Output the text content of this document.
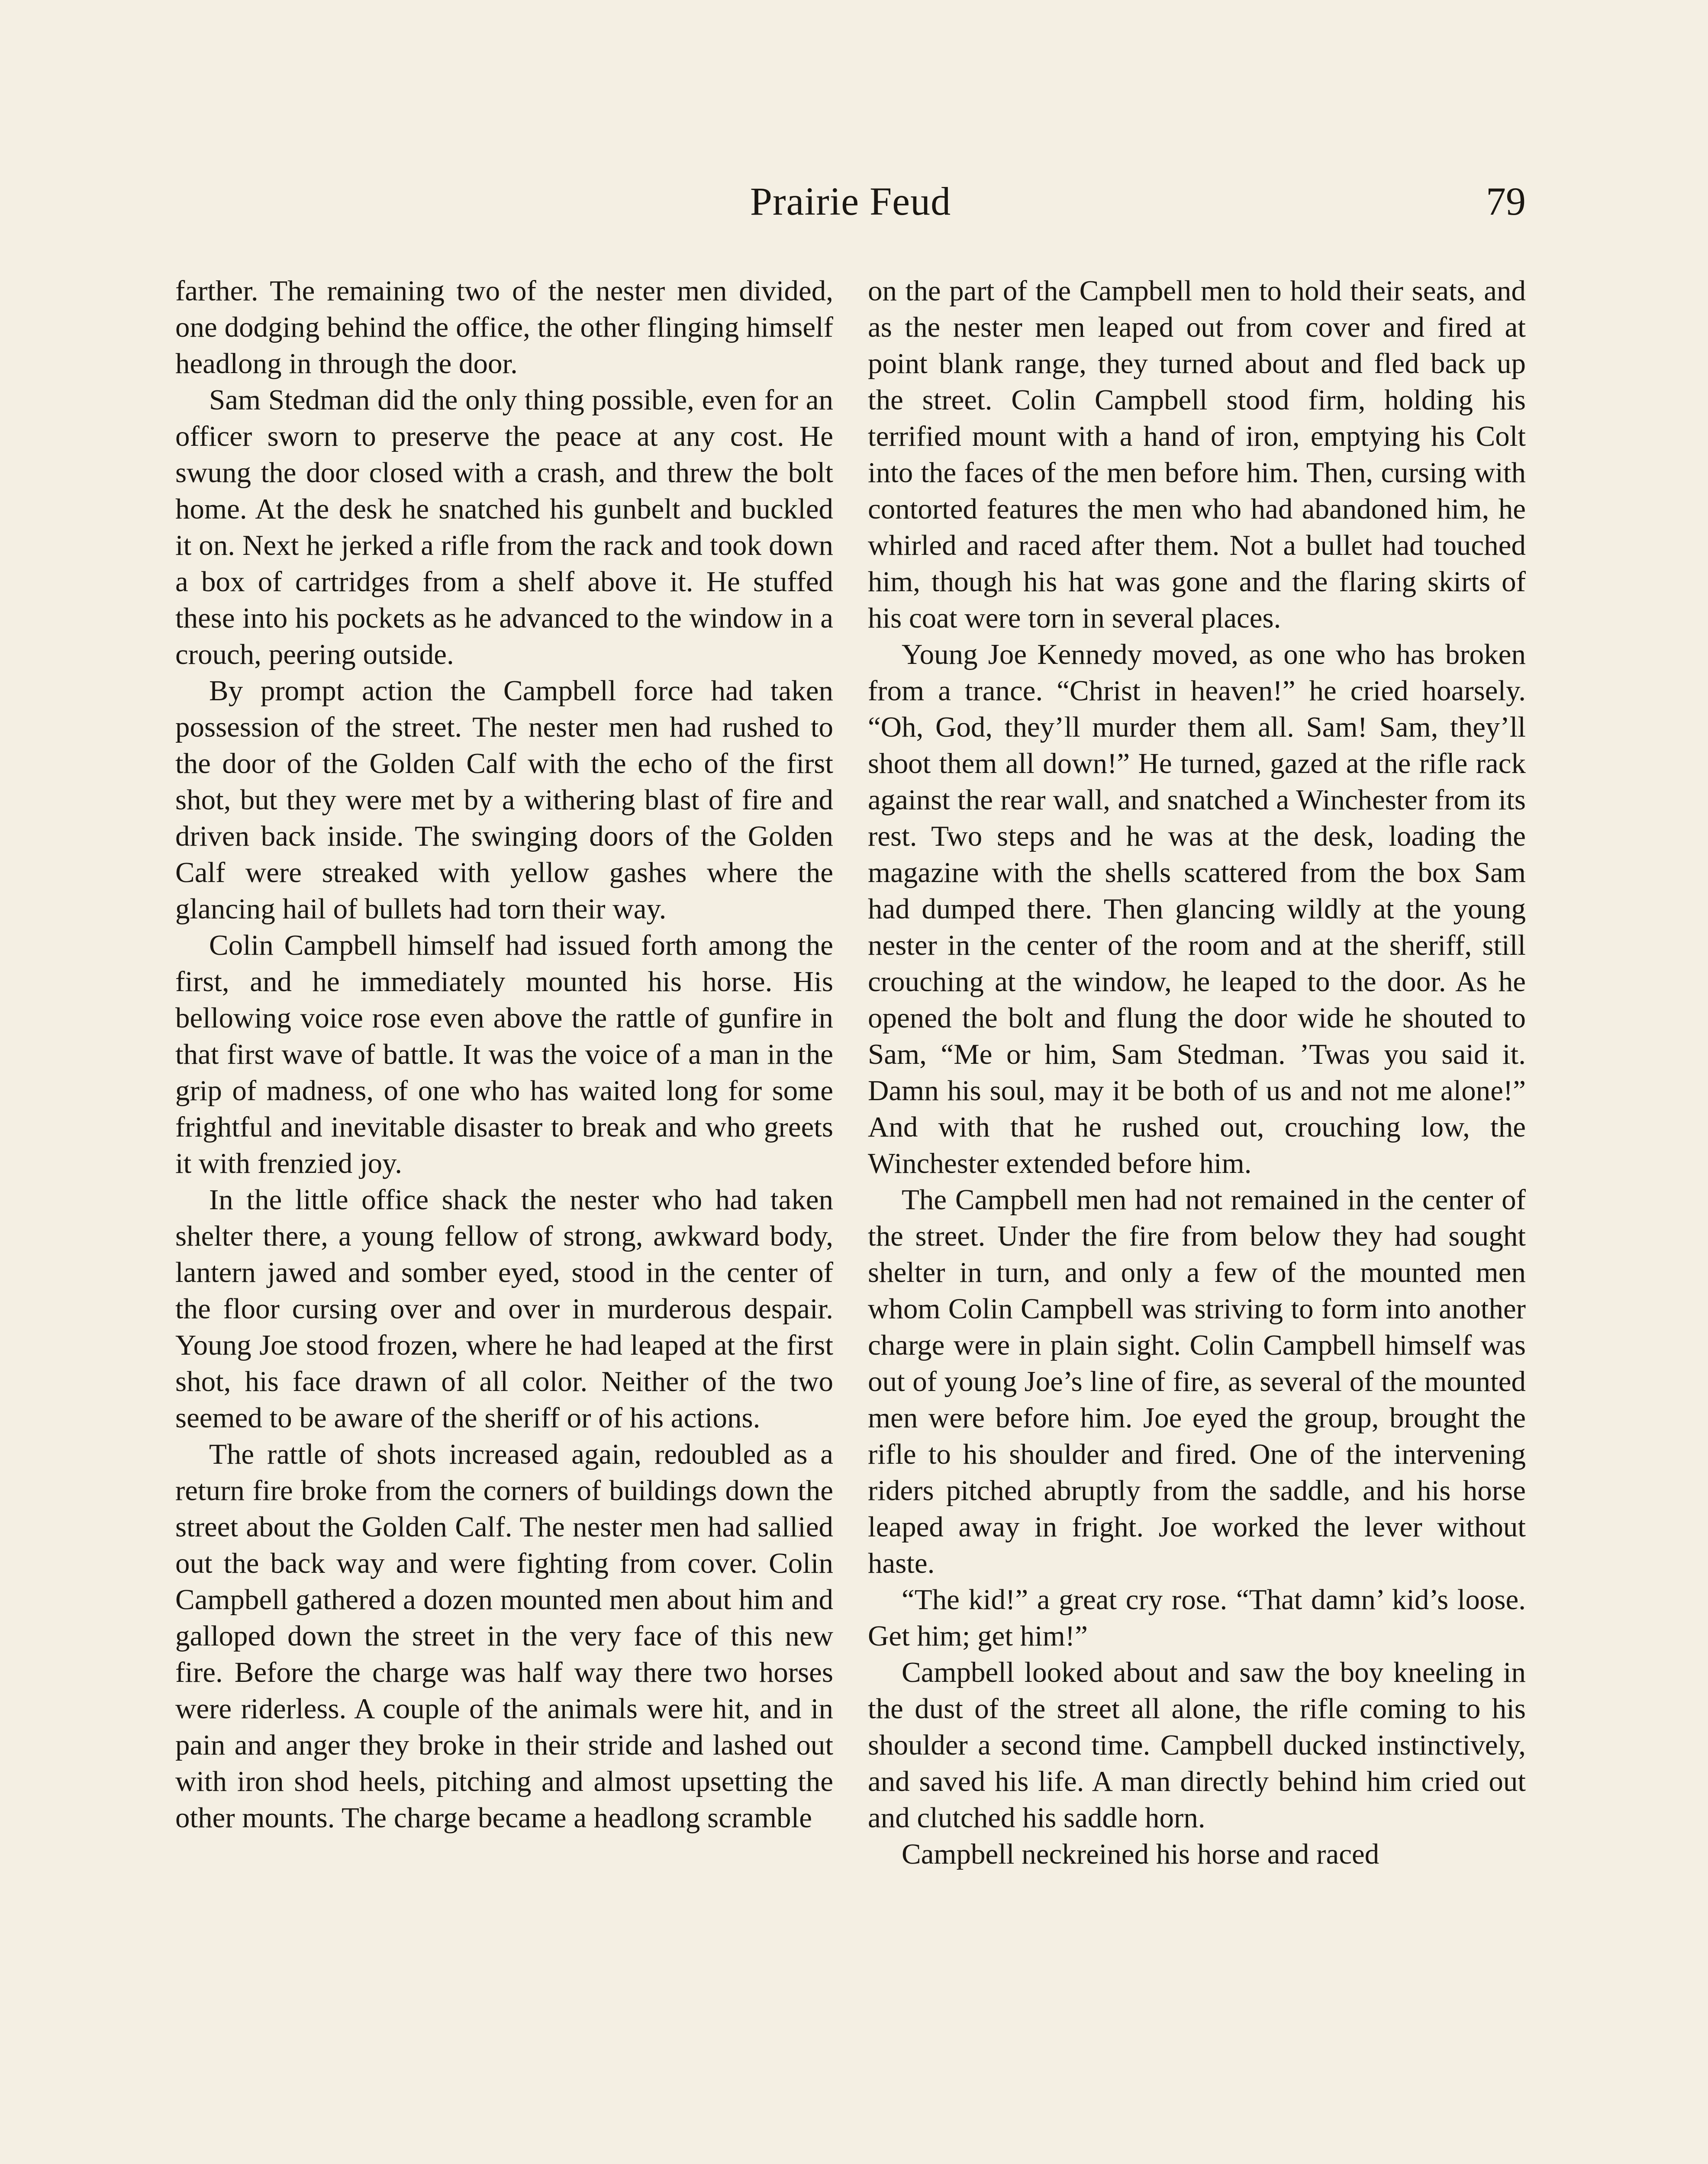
Prairie Feud	79

farther. The remaining two of the nester men divided, one dodging behind the office, the other flinging himself headlong in through the door.

Sam Stedman did the only thing possible, even for an officer sworn to preserve the peace at any cost. He swung the door closed with a crash, and threw the bolt home. At the desk he snatched his gunbelt and buckled it on. Next he jerked a rifle from the rack and took down a box of cartridges from a shelf above it. He stuffed these into his pockets as he advanced to the window in a crouch, peering outside.

By prompt action the Campbell force had taken possession of the street. The nester men had rushed to the door of the Golden Calf with the echo of the first shot, but they were met by a withering blast of fire and driven back inside. The swinging doors of the Golden Calf were streaked with yellow gashes where the glancing hail of bullets had torn their way.

Colin Campbell himself had issued forth among the first, and he immediately mounted his horse. His bellowing voice rose even above the rattle of gunfire in that first wave of battle. It was the voice of a man in the grip of madness, of one who has waited long for some frightful and inevitable disaster to break and who greets it with frenzied joy.

In the little office shack the nester who had taken shelter there, a young fellow of strong, awkward body, lantern jawed and somber eyed, stood in the center of the floor cursing over and over in murderous despair. Young Joe stood frozen, where he had leaped at the first shot, his face drawn of all color. Neither of the two seemed to be aware of the sheriff or of his actions.

The rattle of shots increased again, redoubled as a return fire broke from the corners of buildings down the street about the Golden Calf. The nester men had sallied out the back way and were fighting from cover. Colin Campbell gathered a dozen mounted men about him and galloped down the street in the very face of this new fire. Before the charge was half way there two horses were riderless. A couple of the animals were hit, and in pain and anger they broke in their stride and lashed out with iron shod heels, pitching and almost upsetting the other mounts. The charge became a headlong scramble

on the part of the Campbell men to hold their seats, and as the nester men leaped out from cover and fired at point blank range, they turned about and fled back up the street. Colin Campbell stood firm, holding his terrified mount with a hand of iron, emptying his Colt into the faces of the men before him. Then, cursing with contorted features the men who had abandoned him, he whirled and raced after them. Not a bullet had touched him, though his hat was gone and the flaring skirts of his coat were torn in several places.

Young Joe Kennedy moved, as one who has broken from a trance. “Christ in heaven!” he cried hoarsely. “Oh, God, they’ll murder them all. Sam! Sam, they’ll shoot them all down!” He turned, gazed at the rifle rack against the rear wall, and snatched a Winchester from its rest. Two steps and he was at the desk, loading the magazine with the shells scattered from the box Sam had dumped there. Then glancing wildly at the young nester in the center of the room and at the sheriff, still crouching at the window, he leaped to the door. As he opened the bolt and flung the door wide he shouted to Sam, “Me or him, Sam Stedman. ’Twas you said it. Damn his soul, may it be both of us and not me alone!” And with that he rushed out, crouching low, the Winchester extended before him.

The Campbell men had not remained in the center of the street. Under the fire from below they had sought shelter in turn, and only a few of the mounted men whom Colin Campbell was striving to form into another charge were in plain sight. Colin Campbell himself was out of young Joe’s line of fire, as several of the mounted men were before him. Joe eyed the group, brought the rifle to his shoulder and fired. One of the intervening riders pitched abruptly from the saddle, and his horse leaped away in fright. Joe worked the lever without haste.

“The kid!” a great cry rose. “That damn’ kid’s loose. Get him; get him!”

Campbell looked about and saw the boy kneeling in the dust of the street all alone, the rifle coming to his shoulder a second time. Campbell ducked instinctively, and saved his life. A man directly behind him cried out and clutched his saddle horn.

Campbell neckreined his horse and raced
